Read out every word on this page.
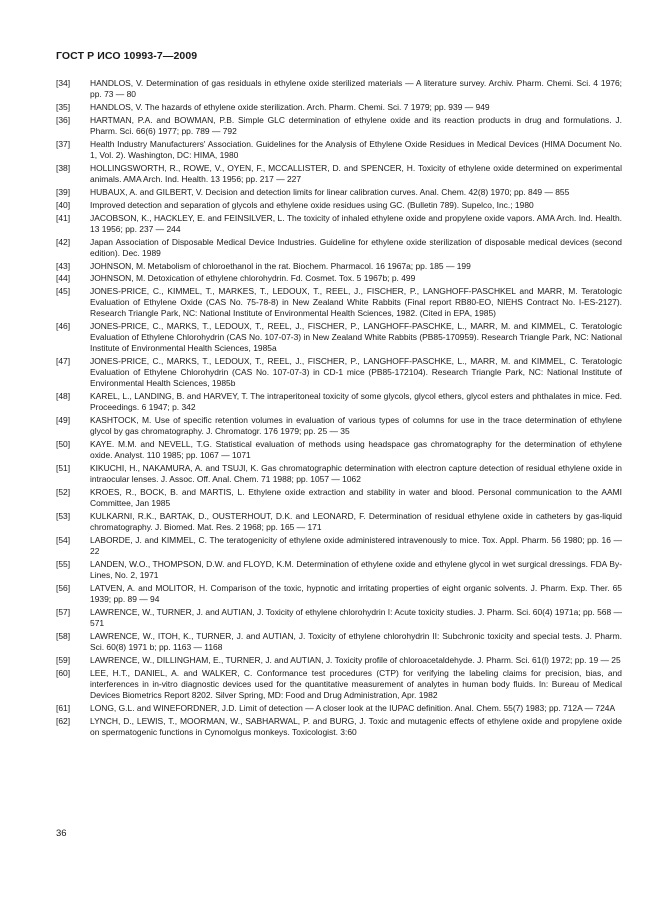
ГОСТ Р ИСО 10993-7—2009
[34]	HANDLOS, V. Determination of gas residuals in ethylene oxide sterilized materials — A literature survey. Archiv. Pharm. Chemi. Sci. 4 1976; pp. 73 — 80
[35]	HANDLOS, V. The hazards of ethylene oxide sterilization. Arch. Pharm. Chemi. Sci. 7 1979; pp. 939 — 949
[36]	HARTMAN, P.A. and BOWMAN, P.B. Simple GLC determination of ethylene oxide and its reaction products in drug and formulations. J. Pharm. Sci. 66(6) 1977; pp. 789 — 792
[37]	Health Industry Manufacturers' Association. Guidelines for the Analysis of Ethylene Oxide Residues in Medical Devices (HIMA Document No. 1, Vol. 2). Washington, DC: HIMA, 1980
[38]	HOLLINGSWORTH, R., ROWE, V., OYEN, F., MCCALLISTER, D. and SPENCER, H. Toxicity of ethylene oxide determined on experimental animals. AMA Arch. Ind. Health. 13 1956; pp. 217 — 227
[39]	HUBAUX, A. and GILBERT, V. Decision and detection limits for linear calibration curves. Anal. Chem. 42(8) 1970; pp. 849 — 855
[40]	Improved detection and separation of glycols and ethylene oxide residues using GC. (Bulletin 789). Supelco, Inc.; 1980
[41]	JACOBSON, K., HACKLEY, E. and FEINSILVER, L. The toxicity of inhaled ethylene oxide and propylene oxide vapors. AMA Arch. Ind. Health. 13 1956; pp. 237 — 244
[42]	Japan Association of Disposable Medical Device Industries. Guideline for ethylene oxide sterilization of disposable medical devices (second edition). Dec. 1989
[43]	JOHNSON, M. Metabolism of chloroethanol in the rat. Biochem. Pharmacol. 16 1967a; pp. 185 — 199
[44]	JOHNSON, M. Detoxication of ethylene chlorohydrin. Fd. Cosmet. Tox. 5 1967b; p. 499
[45]	JONES-PRICE, C., KIMMEL, T., MARKES, T., LEDOUX, T., REEL, J., FISCHER, P., LANGHOFF-PASCHKEL and MARR, M. Teratologic Evaluation of Ethylene Oxide (CAS No. 75-78-8) in New Zealand White Rabbits (Final report RB80-EO, NIEHS Contract No. I-ES-2127). Research Triangle Park, NC: National Institute of Environmental Health Sciences, 1982. (Cited in EPA, 1985)
[46]	JONES-PRICE, C., MARKS, T., LEDOUX, T., REEL, J., FISCHER, P., LANGHOFF-PASCHKE, L., MARR, M. and KIMMEL, C. Teratologic Evaluation of Ethylene Chlorohydrin (CAS No. 107-07-3) in New Zealand White Rabbits (PB85-170959). Research Triangle Park, NC: National Institute of Environmental Health Sciences, 1985a
[47]	JONES-PRICE, C., MARKS, T., LEDOUX, T., REEL, J., FISCHER, P., LANGHOFF-PASCHKE, L., MARR, M. and KIMMEL, C. Teratologic Evaluation of Ethylene Chlorohydrin (CAS No. 107-07-3) in CD-1 mice (PB85-172104). Research Triangle Park, NC: National Institute of Environmental Health Sciences, 1985b
[48]	KAREL, L., LANDING, B. and HARVEY, T. The intraperitoneal toxicity of some glycols, glycol ethers, glycol esters and phthalates in mice. Fed. Proceedings. 6 1947; p. 342
[49]	KASHTOCK, M. Use of specific retention volumes in evaluation of various types of columns for use in the trace determination of ethylene glycol by gas chromatography. J. Chromatogr. 176 1979; pp. 25 — 35
[50]	KAYE. M.M. and NEVELL, T.G. Statistical evaluation of methods using headspace gas chromatography for the determination of ethylene oxide. Analyst. 110 1985; pp. 1067 — 1071
[51]	KIKUCHI, H., NAKAMURA, A. and TSUJI, K. Gas chromatographic determination with electron capture detection of residual ethylene oxide in intraocular lenses. J. Assoc. Off. Anal. Chem. 71 1988; pp. 1057 — 1062
[52]	KROES, R., BOCK, B. and MARTIS, L. Ethylene oxide extraction and stability in water and blood. Personal communication to the AAMI Committee, Jan 1985
[53]	KULKARNI, R.K., BARTAK, D., OUSTERHOUT, D.K. and LEONARD, F. Determination of residual ethylene oxide in catheters by gas-liquid chromatography. J. Biomed. Mat. Res. 2 1968; pp. 165 — 171
[54]	LABORDE, J. and KIMMEL, C. The teratogenicity of ethylene oxide administered intravenously to mice. Tox. Appl. Pharm. 56 1980; pp. 16 — 22
[55]	LANDEN, W.O., THOMPSON, D.W. and FLOYD, K.M. Determination of ethylene oxide and ethylene glycol in wet surgical dressings. FDA By-Lines, No. 2, 1971
[56]	LATVEN, A. and MOLITOR, H. Comparison of the toxic, hypnotic and irritating properties of eight organic solvents. J. Pharm. Exp. Ther. 65 1939; pp. 89 — 94
[57]	LAWRENCE, W., TURNER, J. and AUTIAN, J. Toxicity of ethylene chlorohydrin I: Acute toxicity studies. J. Pharm. Sci. 60(4) 1971a; pp. 568 — 571
[58]	LAWRENCE, W., ITOH, K., TURNER, J. and AUTIAN, J. Toxicity of ethylene chlorohydrin II: Subchronic toxicity and special tests. J. Pharm. Sci. 60(8) 1971 b; pp. 1163 — 1168
[59]	LAWRENCE, W., DILLINGHAM, E., TURNER, J. and AUTIAN, J. Toxicity profile of chloroacetaldehyde. J. Pharm. Sci. 61(l) 1972; pp. 19 — 25
[60]	LEE, H.T., DANIEL, A. and WALKER, C. Conformance test procedures (CTP) for verifying the labeling claims for precision, bias, and interferences in in-vitro diagnostic devices used for the quantitative measurement of analytes in human body fluids. In: Bureau of Medical Devices Biometrics Report 8202. Silver Spring, MD: Food and Drug Administration, Apr. 1982
[61]	LONG, G.L. and WINEFORDNER, J.D. Limit of detection — A closer look at the IUPAC definition. Anal. Chem. 55(7) 1983; pp. 712A — 724A
[62]	LYNCH, D., LEWIS, T., MOORMAN, W., SABHARWAL, P. and BURG, J. Toxic and mutagenic effects of ethylene oxide and propylene oxide on spermatogenic functions in Cynomolgus monkeys. Toxicologist. 3:60
36
